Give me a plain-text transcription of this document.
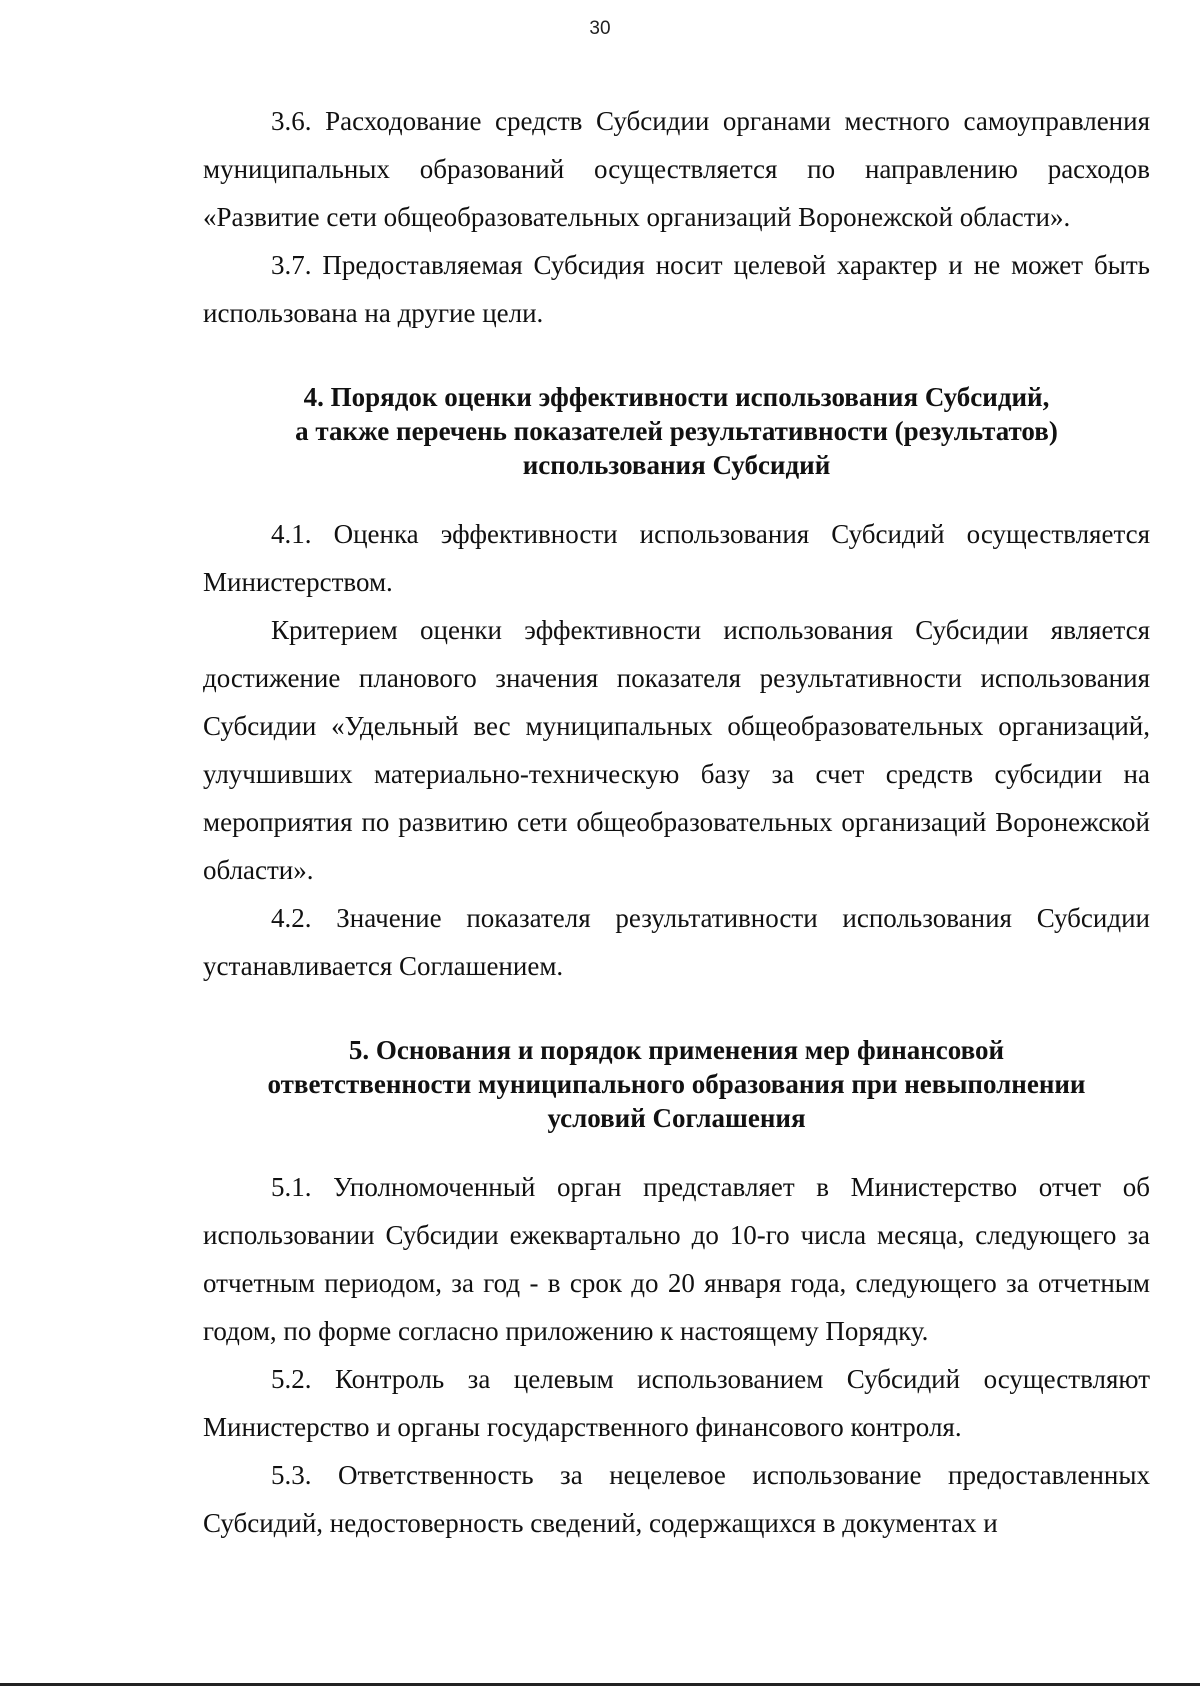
30

3.6. Расходование средств Субсидии органами местного самоуправления муниципальных образований осуществляется по направлению расходов «Развитие сети общеобразовательных организаций Воронежской области».

3.7. Предоставляемая Субсидия носит целевой характер и не может быть использована на другие цели.

4. Порядок оценки эффективности использования Субсидий,
а также перечень показателей результативности (результатов)
использования Субсидий

4.1. Оценка эффективности использования Субсидий осуществляется Министерством.

Критерием оценки эффективности использования Субсидии является достижение планового значения показателя результативности использования Субсидии «Удельный вес муниципальных общеобразовательных организаций, улучшивших материально-техническую базу за счет средств субсидии на мероприятия по развитию сети общеобразовательных организаций Воронежской области».

4.2. Значение показателя результативности использования Субсидии устанавливается Соглашением.

5. Основания и порядок применения мер финансовой
ответственности муниципального образования при невыполнении
условий Соглашения

5.1. Уполномоченный орган представляет в Министерство отчет об использовании Субсидии ежеквартально до 10-го числа месяца, следующего за отчетным периодом, за год - в срок до 20 января года, следующего за отчетным годом, по форме согласно приложению к настоящему Порядку.

5.2. Контроль за целевым использованием Субсидий осуществляют Министерство и органы государственного финансового контроля.

5.3. Ответственность за нецелевое использование предоставленных Субсидий, недостоверность сведений, содержащихся в документах и
